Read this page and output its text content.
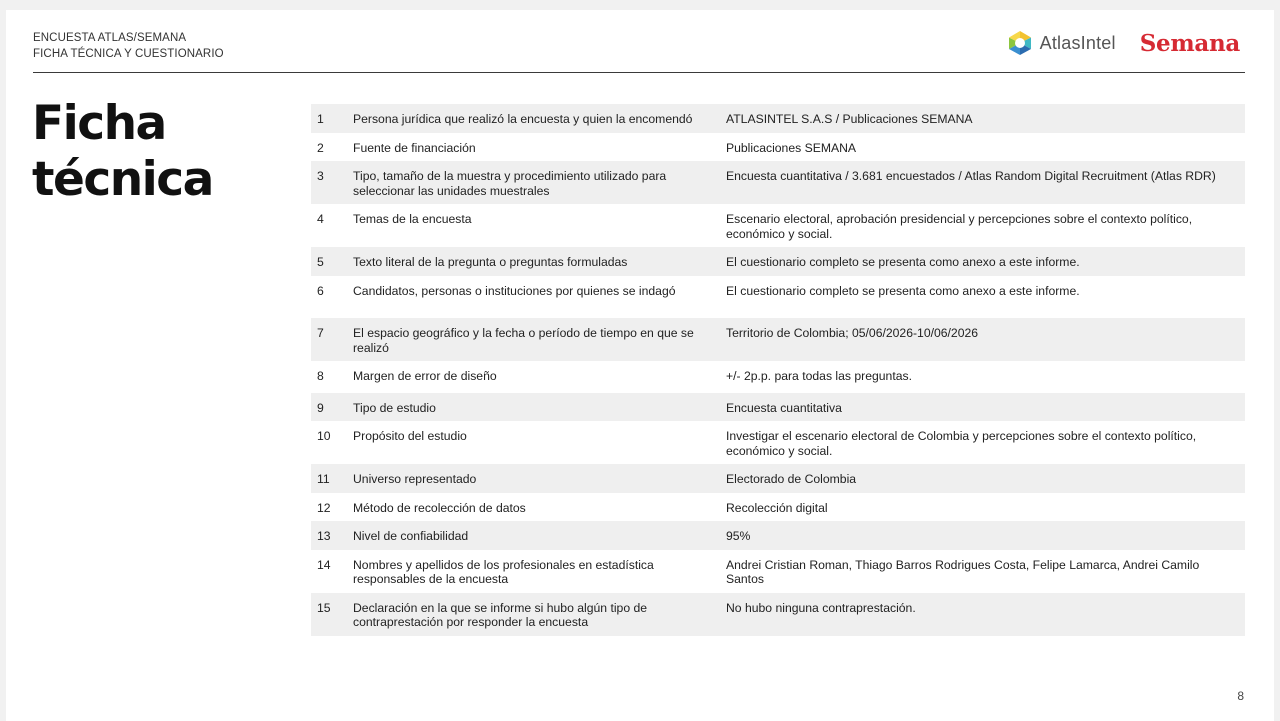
ENCUESTA ATLAS/SEMANA
FICHA TÉCNICA Y CUESTIONARIO
AtlasIntel Semana
Ficha
técnica
1	Persona jurídica que realizó la encuesta y quien la encomendó	ATLASINTEL S.A.S / Publicaciones SEMANA
2	Fuente de financiación	Publicaciones SEMANA
3	Tipo, tamaño de la muestra y procedimiento utilizado para seleccionar las unidades muestrales	Encuesta cuantitativa / 3.681 encuestados / Atlas Random Digital Recruitment (Atlas RDR)
4	Temas de la encuesta	Escenario electoral, aprobación presidencial y percepciones sobre el contexto político, económico y social.
5	Texto literal de la pregunta o preguntas formuladas	El cuestionario completo se presenta como anexo a este informe.
6	Candidatos, personas o instituciones por quienes se indagó	El cuestionario completo se presenta como anexo a este informe.
7	El espacio geográfico y la fecha o período de tiempo en que se realizó	Territorio de Colombia; 05/06/2026-10/06/2026
8	Margen de error de diseño	+/- 2p.p. para todas las preguntas.
9	Tipo de estudio	Encuesta cuantitativa
10	Propósito del estudio	Investigar el escenario electoral de Colombia y percepciones sobre el contexto político, económico y social.
11	Universo representado	Electorado de Colombia
12	Método de recolección de datos	Recolección digital
13	Nivel de confiabilidad	95%
14	Nombres y apellidos de los profesionales en estadística responsables de la encuesta	Andrei Cristian Roman, Thiago Barros Rodrigues Costa, Felipe Lamarca, Andrei Camilo Santos
15	Declaración en la que se informe si hubo algún tipo de contraprestación por responder la encuesta	No hubo ninguna contraprestación.
8
